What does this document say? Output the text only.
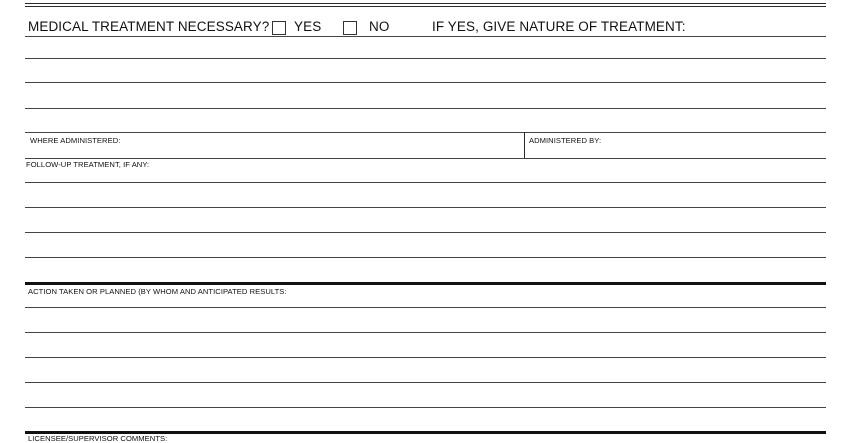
MEDICAL TREATMENT NECESSARY? YES	NO	IF YES, GIVE NATURE OF TREATMENT:
WHERE ADMINISTERED:	ADMINISTERED BY:
FOLLOW-UP TREATMENT, IF ANY:
ACTION TAKEN OR PLANNED (BY WHOM AND ANTICIPATED RESULTS:
LICENSEE/SUPERVISOR COMMENTS:
